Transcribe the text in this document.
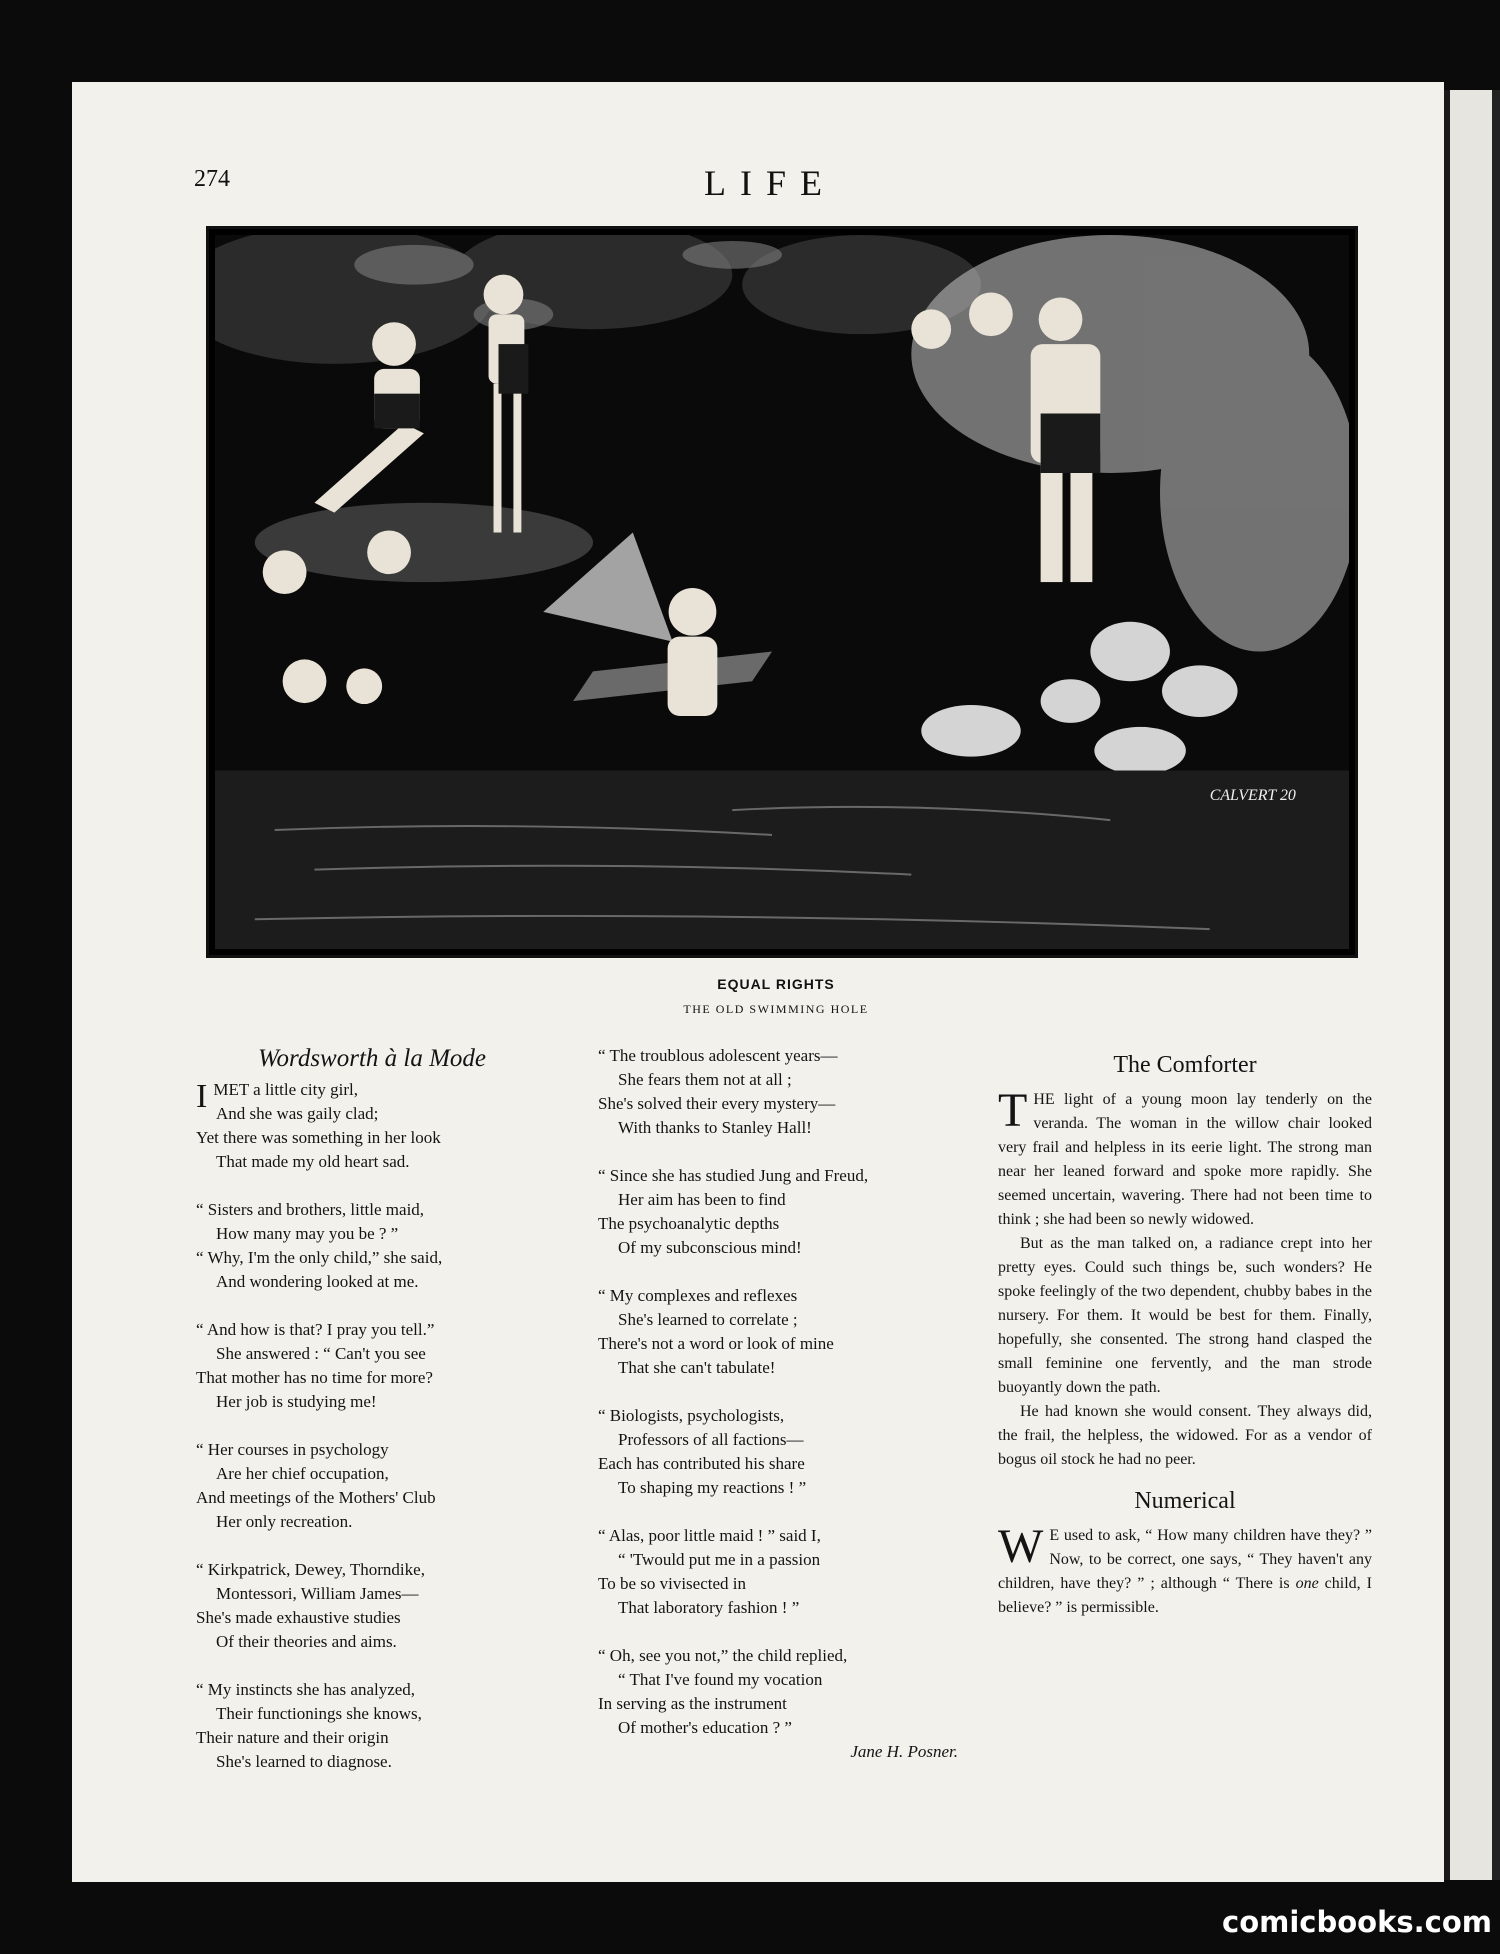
274	LIFE
CALVERT 20
EQUAL RIGHTS
THE OLD SWIMMING HOLE
Wordsworth à la Mode
IMET a little city girl,
And she was gaily clad;
Yet there was something in her look
That made my old heart sad.
“ Sisters and brothers, little maid,
How many may you be ? ”
“ Why, I'm the only child,” she said,
And wondering looked at me.
“ And how is that? I pray you tell.”
She answered : “ Can't you see
That mother has no time for more?
Her job is studying me!
“ Her courses in psychology
Are her chief occupation,
And meetings of the Mothers' Club
Her only recreation.
“ Kirkpatrick, Dewey, Thorndike,
Montessori, William James—
She's made exhaustive studies
Of their theories and aims.
“ My instincts she has analyzed,
Their functionings she knows,
Their nature and their origin
She's learned to diagnose.
“ The troublous adolescent years—
She fears them not at all ;
She's solved their every mystery—
With thanks to Stanley Hall!
“ Since she has studied Jung and Freud,
Her aim has been to find
The psychoanalytic depths
Of my subconscious mind!
“ My complexes and reflexes
She's learned to correlate ;
There's not a word or look of mine
That she can't tabulate!
“ Biologists, psychologists,
Professors of all factions—
Each has contributed his share
To shaping my reactions ! ”
“ Alas, poor little maid ! ” said I,
“ 'Twould put me in a passion
To be so vivisected in
That laboratory fashion ! ”
“ Oh, see you not,” the child replied,
“ That I've found my vocation
In serving as the instrument
Of mother's education ? ”
Jane H. Posner.
The Comforter

THE light of a young moon lay tenderly on the veranda. The woman in the willow chair looked very frail and helpless in its eerie light. The strong man near her leaned forward and spoke more rapidly. She seemed uncertain, wavering. There had not been time to think ; she had been so newly widowed.

But as the man talked on, a radiance crept into her pretty eyes. Could such things be, such wonders? He spoke feelingly of the two dependent, chubby babes in the nursery. For them. It would be best for them. Finally, hopefully, she consented. The strong hand clasped the small feminine one fervently, and the man strode buoyantly down the path.

He had known she would consent. They always did, the frail, the helpless, the widowed. For as a vendor of bogus oil stock he had no peer.

Numerical

W E used to ask, “ How many children have they? ” Now, to be correct, one says, “ They haven't any children, have they? ” ; although “ There is one child, I believe? ” is permissible.

comicbooks.com
